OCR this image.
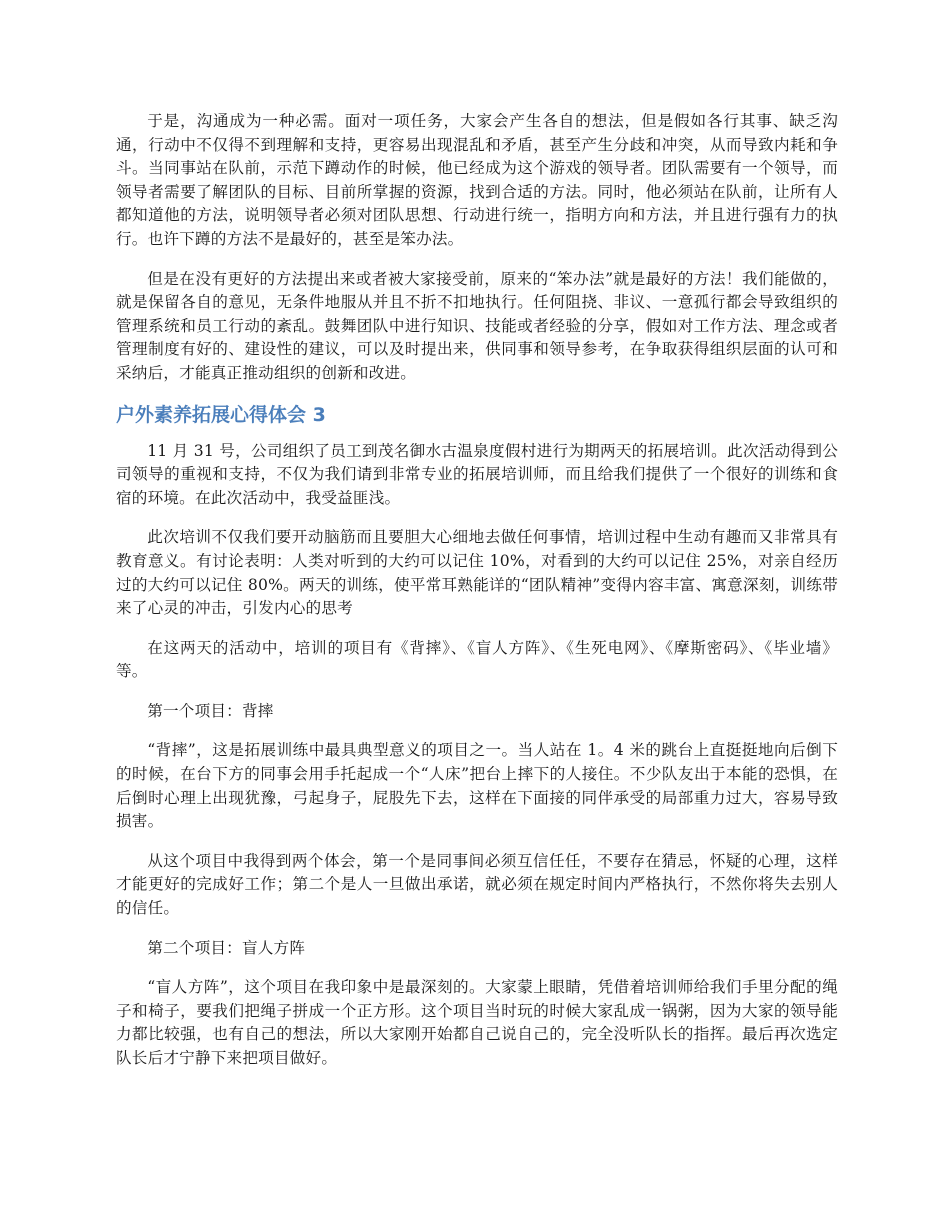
于是，沟通成为一种必需。面对一项任务，大家会产生各自的想法，但是假如各行其事、缺乏沟通，行动中不仅得不到理解和支持，更容易出现混乱和矛盾，甚至产生分歧和冲突，从而导致内耗和争斗。当同事站在队前，示范下蹲动作的时候，他已经成为这个游戏的领导者。团队需要有一个领导，而领导者需要了解团队的目标、目前所掌握的资源，找到合适的方法。同时，他必须站在队前，让所有人都知道他的方法，说明领导者必须对团队思想、行动进行统一，指明方向和方法，并且进行强有力的执行。也许下蹲的方法不是最好的，甚至是笨办法。

但是在没有更好的方法提出来或者被大家接受前，原来的“笨办法”就是最好的方法！我们能做的，就是保留各自的意见，无条件地服从并且不折不扣地执行。任何阻挠、非议、一意孤行都会导致组织的管理系统和员工行动的紊乱。鼓舞团队中进行知识、技能或者经验的分享，假如对工作方法、理念或者管理制度有好的、建设性的建议，可以及时提出来，供同事和领导参考，在争取获得组织层面的认可和采纳后，才能真正推动组织的创新和改进。

户外素养拓展心得体会 3

11 月 31 号，公司组织了员工到茂名御水古温泉度假村进行为期两天的拓展培训。此次活动得到公司领导的重视和支持，不仅为我们请到非常专业的拓展培训师，而且给我们提供了一个很好的训练和食宿的环境。在此次活动中，我受益匪浅。

此次培训不仅我们要开动脑筋而且要胆大心细地去做任何事情，培训过程中生动有趣而又非常具有教育意义。有讨论表明：人类对听到的大约可以记住 10%，对看到的大约可以记住 25%，对亲自经历过的大约可以记住 80%。两天的训练，使平常耳熟能详的“团队精神”变得内容丰富、寓意深刻，训练带来了心灵的冲击，引发内心的思考

在这两天的活动中，培训的项目有《背摔》、《盲人方阵》、《生死电网》、《摩斯密码》、《毕业墙》等。

第一个项目：背摔

“背摔”，这是拓展训练中最具典型意义的项目之一。当人站在 1。4 米的跳台上直挺挺地向后倒下的时候，在台下方的同事会用手托起成一个“人床”把台上摔下的人接住。不少队友出于本能的恐惧，在后倒时心理上出现犹豫，弓起身子，屁股先下去，这样在下面接的同伴承受的局部重力过大，容易导致损害。

从这个项目中我得到两个体会，第一个是同事间必须互信任任，不要存在猜忌，怀疑的心理，这样才能更好的完成好工作；第二个是人一旦做出承诺，就必须在规定时间内严格执行，不然你将失去别人的信任。

第二个项目：盲人方阵

“盲人方阵”，这个项目在我印象中是最深刻的。大家蒙上眼睛，凭借着培训师给我们手里分配的绳子和椅子，要我们把绳子拼成一个正方形。这个项目当时玩的时候大家乱成一锅粥，因为大家的领导能力都比较强，也有自己的想法，所以大家刚开始都自己说自己的，完全没听队长的指挥。最后再次选定队长后才宁静下来把项目做好。
